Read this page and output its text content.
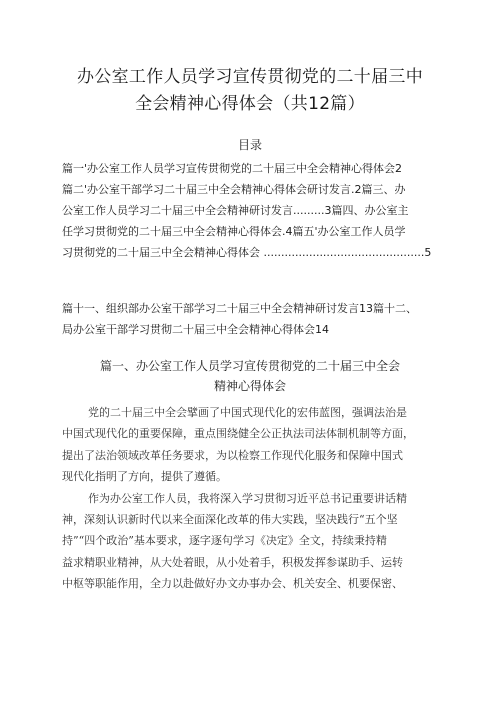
办公室工作人员学习宣传贯彻党的二十届三中
全会精神心得体会（共12篇）
目录
篇一'办公室工作人员学习宣传贯彻党的二十届三中全会精神心得体会2
篇二'办公室干部学习二十届三中全会精神心得体会研讨发言.2篇三、办
公室工作人员学习二十届三中全会精神研讨发言.........3篇四、办公室主
任学习贯彻党的二十届三中全会精神心得体会.4篇五'办公室工作人员学
习贯彻党的二十届三中全会精神心得体会 ..............................................5
篇十一、组织部办公室干部学习二十届三中全会精神研讨发言13篇十二、
局办公室干部学习贯彻二十届三中全会精神心得体会14
篇一、办公室工作人员学习宣传贯彻党的二十届三中全会
精神心得体会
党的二十届三中全会擘画了中国式现代化的宏伟蓝图，强调法治是
中国式现代化的重要保障，重点围绕健全公正执法司法体制机制等方面，
提出了法治领域改革任务要求，为以检察工作现代化服务和保障中国式
现代化指明了方向，提供了遵循。
作为办公室工作人员，我将深入学习贯彻习近平总书记重要讲话精
神，深刻认识新时代以来全面深化改革的伟大实践，坚决践行“五个坚
持”“四个政治”基本要求，逐字逐句学习《决定》全文，持续秉持精
益求精职业精神，从大处着眼，从小处着手，积极发挥参谋助手、运转
中枢等职能作用，全力以赴做好办文办事办会、机关安全、机要保密、
